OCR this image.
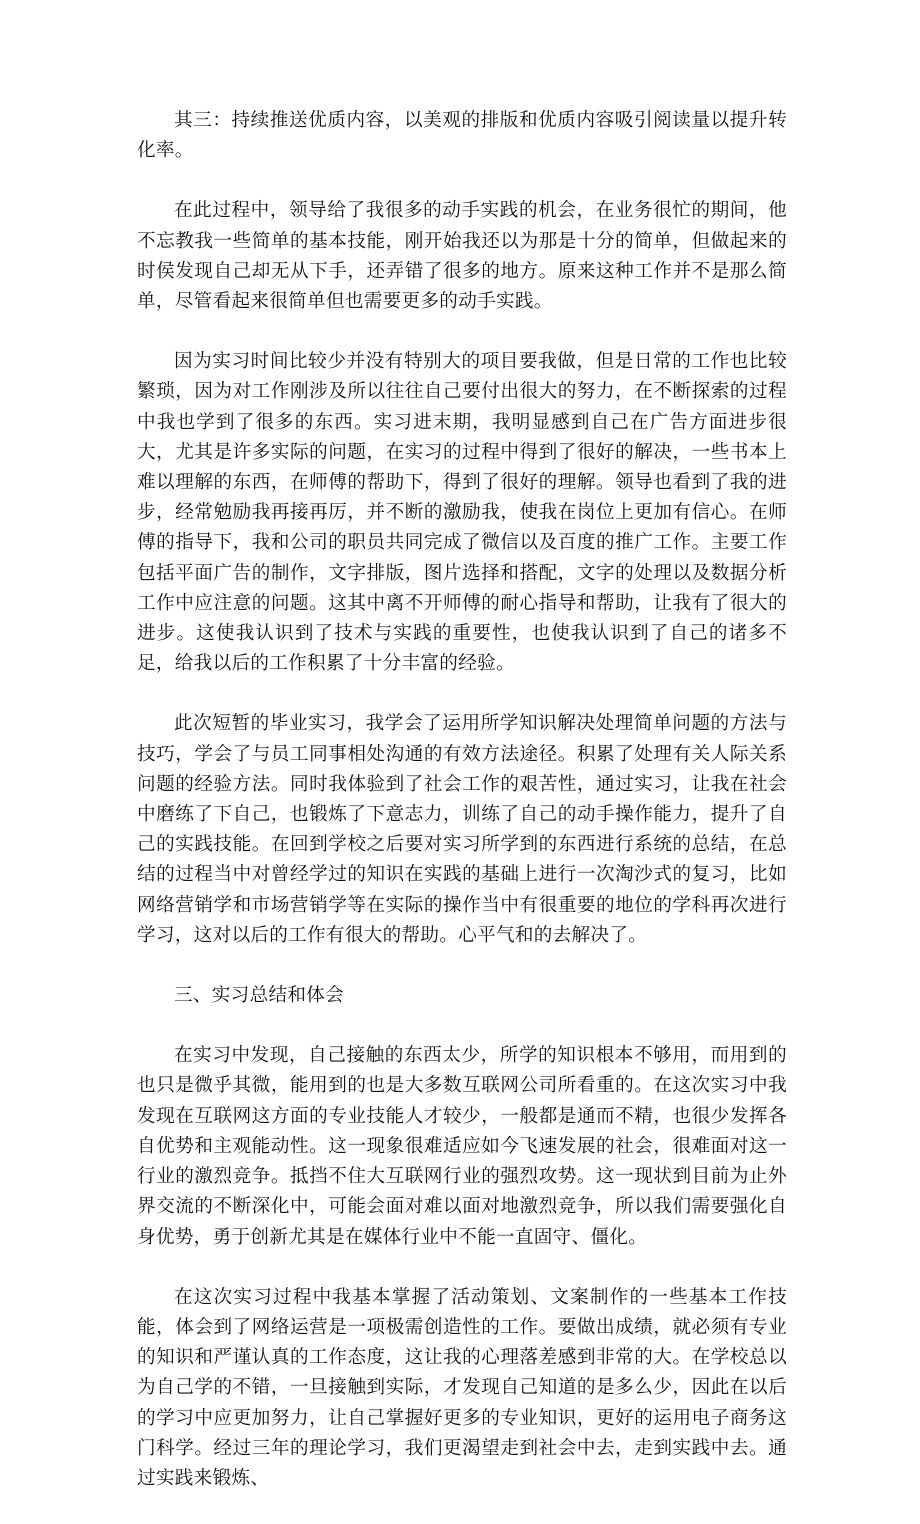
其三：持续推送优质内容，以美观的排版和优质内容吸引阅读量以提升转化率。

在此过程中，领导给了我很多的动手实践的机会，在业务很忙的期间，他不忘教我一些简单的基本技能，刚开始我还以为那是十分的简单，但做起来的时侯发现自己却无从下手，还弄错了很多的地方。原来这种工作并不是那么简单，尽管看起来很简单但也需要更多的动手实践。

因为实习时间比较少并没有特别大的项目要我做，但是日常的工作也比较繁琐，因为对工作刚涉及所以往往自己要付出很大的努力，在不断探索的过程中我也学到了很多的东西。实习进末期，我明显感到自己在广告方面进步很大，尤其是许多实际的问题，在实习的过程中得到了很好的解决，一些书本上难以理解的东西，在师傅的帮助下，得到了很好的理解。领导也看到了我的进步，经常勉励我再接再厉，并不断的激励我，使我在岗位上更加有信心。在师傅的指导下，我和公司的职员共同完成了微信以及百度的推广工作。主要工作包括平面广告的制作，文字排版，图片选择和搭配，文字的处理以及数据分析工作中应注意的问题。这其中离不开师傅的耐心指导和帮助，让我有了很大的进步。这使我认识到了技术与实践的重要性，也使我认识到了自己的诸多不足，给我以后的工作积累了十分丰富的经验。

此次短暂的毕业实习，我学会了运用所学知识解决处理简单问题的方法与技巧，学会了与员工同事相处沟通的有效方法途径。积累了处理有关人际关系问题的经验方法。同时我体验到了社会工作的艰苦性，通过实习，让我在社会中磨练了下自己，也锻炼了下意志力，训练了自己的动手操作能力，提升了自己的实践技能。在回到学校之后要对实习所学到的东西进行系统的总结，在总结的过程当中对曾经学过的知识在实践的基础上进行一次淘沙式的复习，比如网络营销学和市场营销学等在实际的操作当中有很重要的地位的学科再次进行学习，这对以后的工作有很大的帮助。心平气和的去解决了。

三、实习总结和体会

在实习中发现，自己接触的东西太少，所学的知识根本不够用，而用到的也只是微乎其微，能用到的也是大多数互联网公司所看重的。在这次实习中我发现在互联网这方面的专业技能人才较少，一般都是通而不精，也很少发挥各自优势和主观能动性。这一现象很难适应如今飞速发展的社会，很难面对这一行业的激烈竞争。抵挡不住大互联网行业的强烈攻势。这一现状到目前为止外界交流的不断深化中，可能会面对难以面对地激烈竞争，所以我们需要强化自身优势，勇于创新尤其是在媒体行业中不能一直固守、僵化。

在这次实习过程中我基本掌握了活动策划、文案制作的一些基本工作技能，体会到了网络运营是一项极需创造性的工作。要做出成绩，就必须有专业的知识和严谨认真的工作态度，这让我的心理落差感到非常的大。在学校总以为自己学的不错，一旦接触到实际，才发现自己知道的是多么少，因此在以后的学习中应更加努力，让自己掌握好更多的专业知识，更好的运用电子商务这门科学。经过三年的理论学习，我们更渴望走到社会中去，走到实践中去。通过实践来锻炼、
